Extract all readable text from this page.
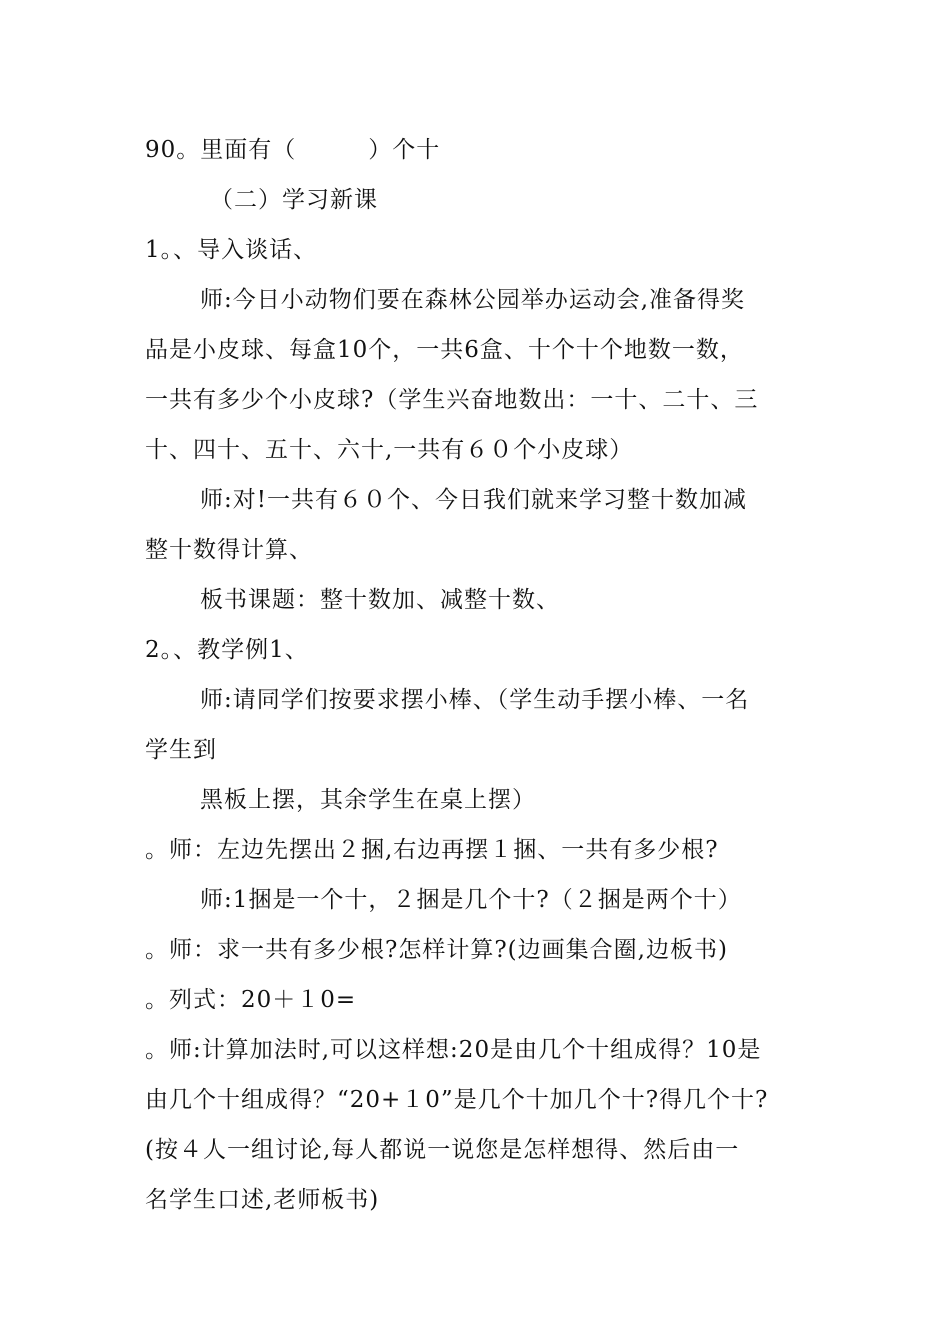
90。里面有（　　　）个十
（二）学习新课
1。、导入谈话、
师:今日小动物们要在森林公园举办运动会,准备得奖
品是小皮球、每盒10个，一共6盒、十个十个地数一数，
一共有多少个小皮球?（学生兴奋地数出：一十、二十、三
十、四十、五十、六十,一共有６０个小皮球）
师:对!一共有６０个、今日我们就来学习整十数加减
整十数得计算、
板书课题：整十数加、减整十数、
2。、教学例1、
师:请同学们按要求摆小棒、（学生动手摆小棒、一名
学生到
黑板上摆，其余学生在桌上摆）
。师：左边先摆出２捆,右边再摆１捆、一共有多少根?
师:1捆是一个十，２捆是几个十?（２捆是两个十）
。师：求一共有多少根?怎样计算?(边画集合圈,边板书)
。列式：20＋１0=
。师:计算加法时,可以这样想:20是由几个十组成得？10是
由几个十组成得？“20+１0”是几个十加几个十?得几个十?
(按４人一组讨论,每人都说一说您是怎样想得、然后由一
名学生口述,老师板书)
